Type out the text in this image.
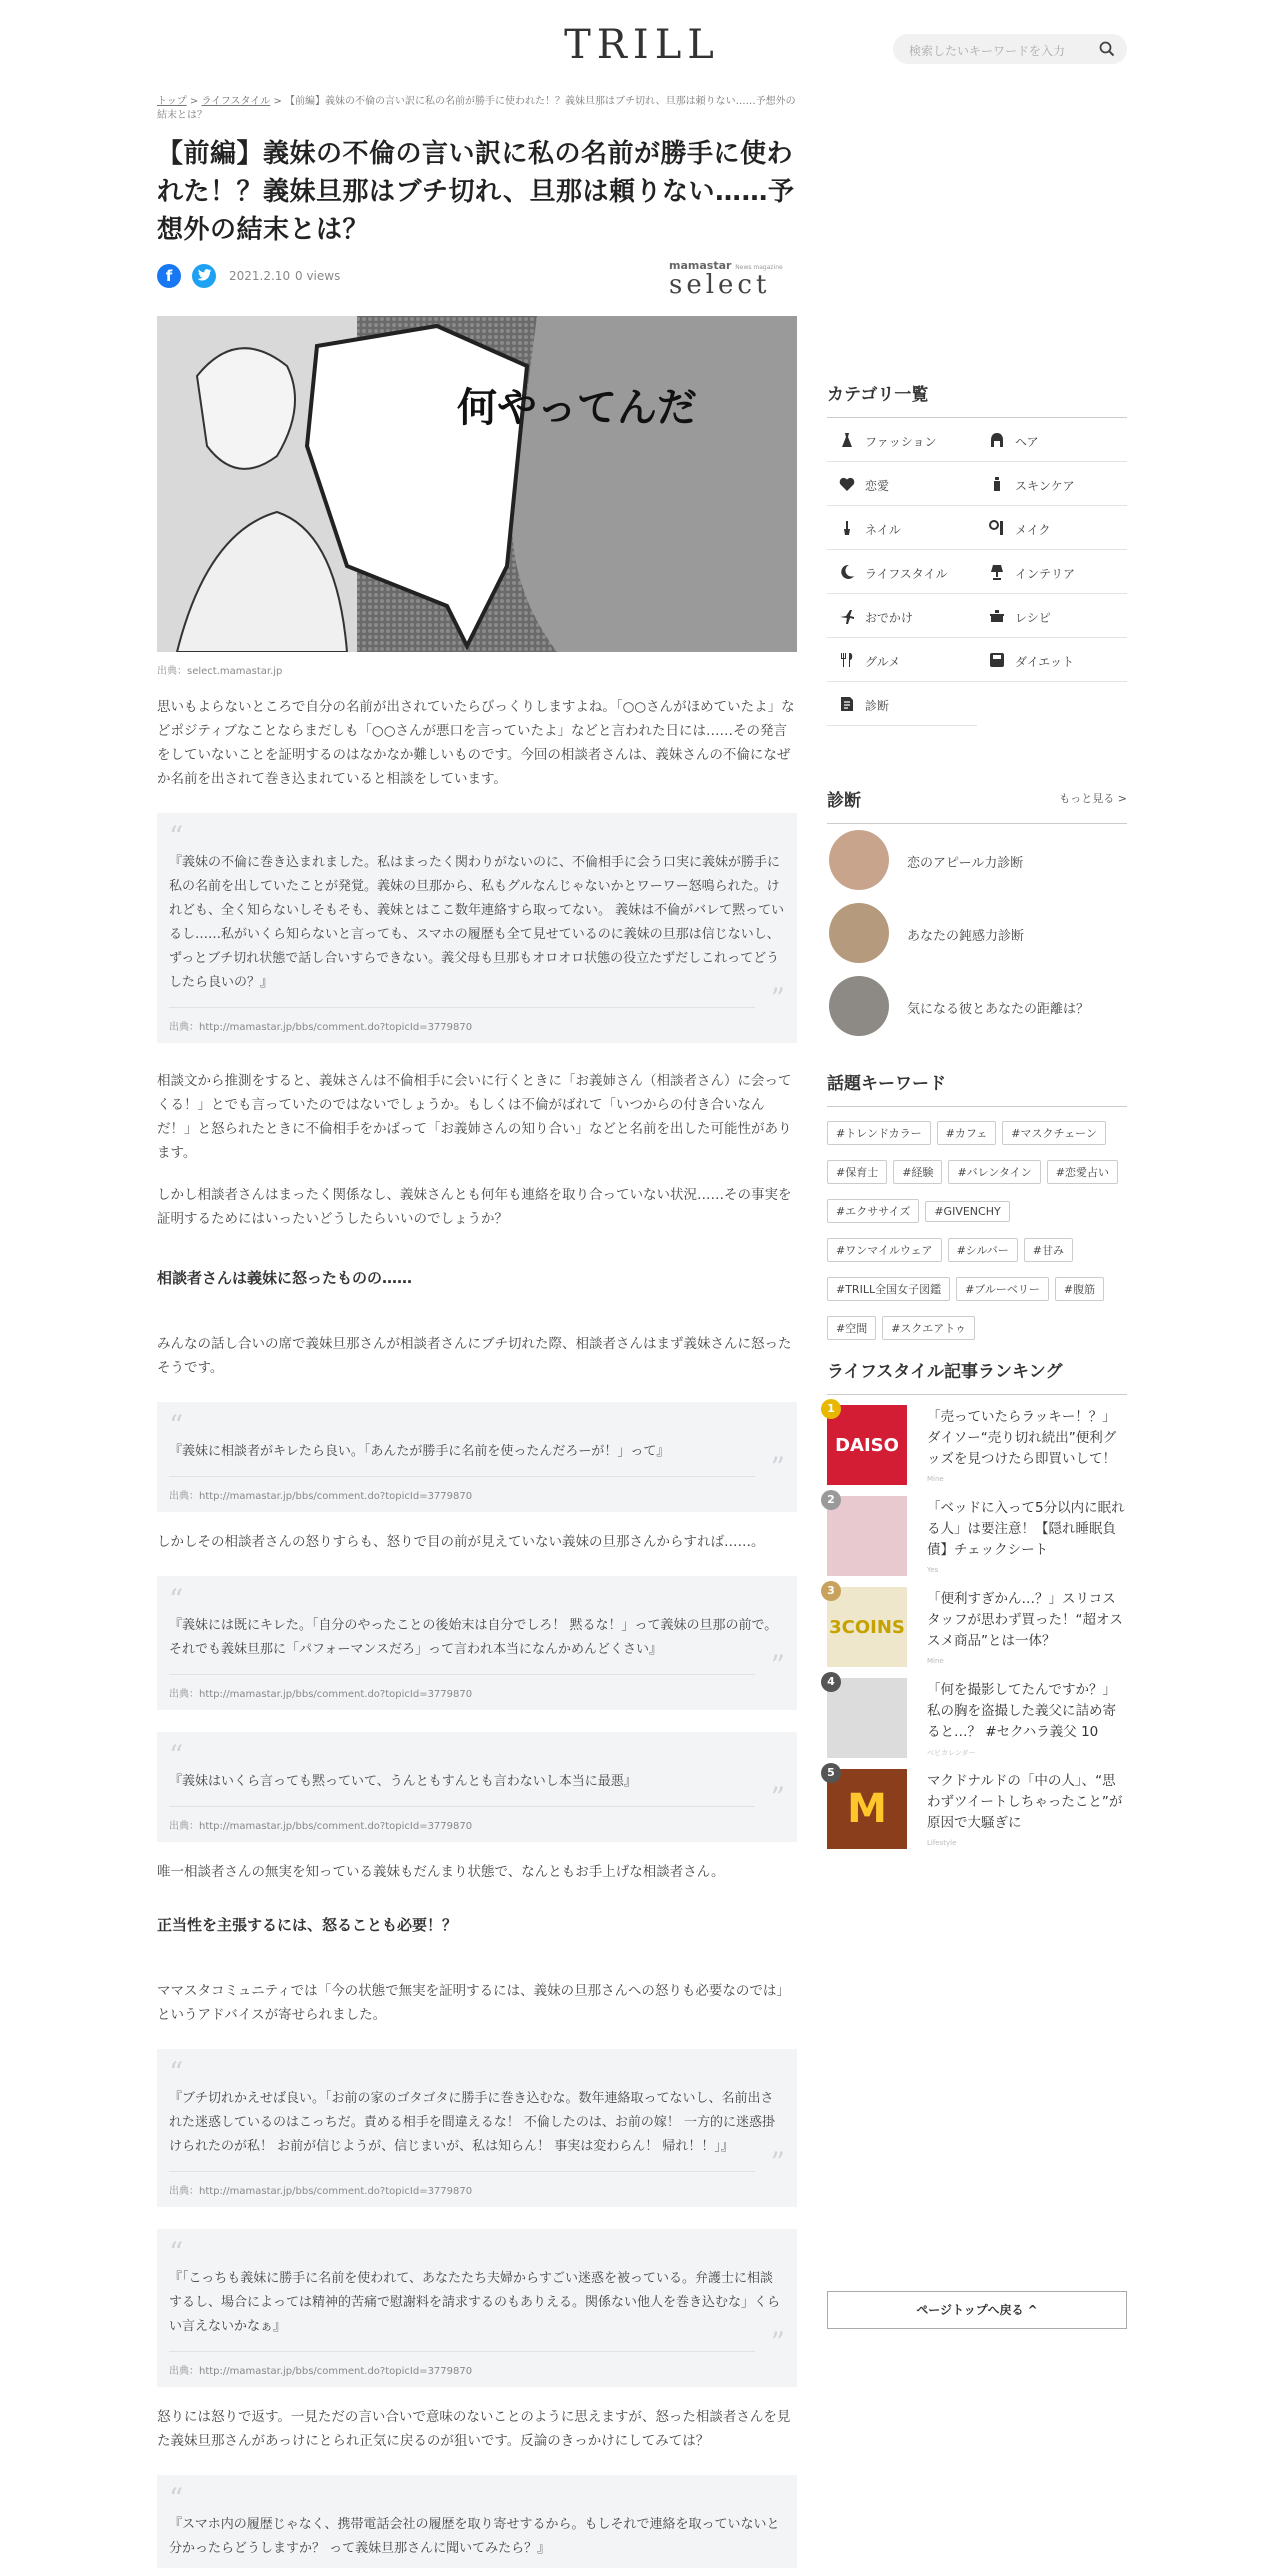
TRILL	検索したいキーワードを入力
トップ > ライフスタイル > 【前編】義妹の不倫の言い訳に私の名前が勝手に使われた！？義妹旦那はブチ切れ、旦那は頼りない……予想外の結末とは？
【前編】義妹の不倫の言い訳に私の名前が勝手に使われた！？義妹旦那はブチ切れ、旦那は頼りない……予想外の結末とは？
f	2021.2.10 0 views
mamastar News magazine
select
何やってんだ
出典：select.mamastar.jp

思いもよらないところで自分の名前が出されていたらびっくりしますよね。「○○さんがほめていたよ」などポジティブなことならまだしも「○○さんが悪口を言っていたよ」などと言われた日には……その発言をしていないことを証明するのはなかなか難しいものです。今回の相談者さんは、義妹さんの不倫になぜか名前を出されて巻き込まれていると相談をしています。

“

『義妹の不倫に巻き込まれました。私はまったく関わりがないのに、不倫相手に会う口実に義妹が勝手に私の名前を出していたことが発覚。義妹の旦那から、私もグルなんじゃないかとワーワー怒鳴られた。けれども、全く知らないしそもそも、義妹とはここ数年連絡すら取ってない。 義妹は不倫がバレて黙っているし……私がいくら知らないと言っても、スマホの履歴も全て見せているのに義妹の旦那は信じないし、ずっとブチ切れ状態で話し合いすらできない。義父母も旦那もオロオロ状態の役立たずだしこれってどうしたら良いの？』

出典：http://mamastar.jp/bbs/comment.do?topicId=3779870
”

相談文から推測をすると、義妹さんは不倫相手に会いに行くときに「お義姉さん（相談者さん）に会ってくる！」とでも言っていたのではないでしょうか。もしくは不倫がばれて「いつからの付き合いなんだ！」と怒られたときに不倫相手をかばって「お義姉さんの知り合い」などと名前を出した可能性があります。

しかし相談者さんはまったく関係なし、義妹さんとも何年も連絡を取り合っていない状況……その事実を証明するためにはいったいどうしたらいいのでしょうか？

相談者さんは義妹に怒ったものの……

みんなの話し合いの席で義妹旦那さんが相談者さんにブチ切れた際、相談者さんはまず義妹さんに怒ったそうです。

“

『義妹に相談者がキレたら良い。「あんたが勝手に名前を使ったんだろーが！」って』

出典：http://mamastar.jp/bbs/comment.do?topicId=3779870
”

しかしその相談者さんの怒りすらも、怒りで目の前が見えていない義妹の旦那さんからすれば……。

“

『義妹には既にキレた。「自分のやったことの後始末は自分でしろ！ 黙るな！」って義妹の旦那の前で。それでも義妹旦那に「パフォーマンスだろ」って言われ本当になんかめんどくさい』

出典：http://mamastar.jp/bbs/comment.do?topicId=3779870
”
“

『義妹はいくら言っても黙っていて、うんともすんとも言わないし本当に最悪』

出典：http://mamastar.jp/bbs/comment.do?topicId=3779870
”

唯一相談者さんの無実を知っている義妹もだんまり状態で、なんともお手上げな相談者さん。

正当性を主張するには、怒ることも必要！？

ママスタコミュニティでは「今の状態で無実を証明するには、義妹の旦那さんへの怒りも必要なのでは」というアドバイスが寄せられました。

“

『ブチ切れかえせば良い。「お前の家のゴタゴタに勝手に巻き込むな。数年連絡取ってないし、名前出された迷惑しているのはこっちだ。責める相手を間違えるな！ 不倫したのは、お前の嫁！ 一方的に迷惑掛けられたのが私！ お前が信じようが、信じまいが、私は知らん！ 事実は変わらん！ 帰れ！！」』

出典：http://mamastar.jp/bbs/comment.do?topicId=3779870
”
“

『「こっちも義妹に勝手に名前を使われて、あなたたち夫婦からすごい迷惑を被っている。弁護士に相談するし、場合によっては精神的苦痛で慰謝料を請求するのもありえる。関係ない他人を巻き込むな」くらい言えないかなぁ』

出典：http://mamastar.jp/bbs/comment.do?topicId=3779870
”

怒りには怒りで返す。一見ただの言い合いで意味のないことのように思えますが、怒った相談者さんを見た義妹旦那さんがあっけにとられ正気に戻るのが狙いです。反論のきっかけにしてみては？

“

『スマホ内の履歴じゃなく、携帯電話会社の履歴を取り寄せするから。もしそれで連絡を取っていないと分かったらどうしますか？ って義妹旦那さんに聞いてみたら？』

カテゴリ一覧
ファッション	ヘア
恋愛	スキンケア
ネイル	メイク
ライフスタイル	インテリア
おでかけ	レシピ
グルメ	ダイエット
診断
診断	もっと見る >
恋のアピール力診断
あなたの鈍感力診断
気になる彼とあなたの距離は？
話題キーワード
#トレンドカラー #カフェ #マスクチェーン#保育士 #経験 #バレンタイン #恋愛占い#エクササイズ #GIVENCHY#ワンマイルウェア #シルバー #甘み#TRILL全国女子図鑑 #ブルーベリー #腹筋#空間 #スクエアトゥ
ライフスタイル記事ランキング
DAISO
1
「売っていたらラッキー！？」ダイソー“売り切れ続出”便利グッズを見つけたら即買いして！
Mine
2
「ベッドに入って5分以内に眠れる人」は要注意！【隠れ睡眠負債】チェックシート
Yes
3COINS
3
「便利すぎかん…？」スリコスタッフが思わず買った！“超オススメ商品”とは一体？
Mine
4
「何を撮影してたんですか？」私の胸を盗撮した義父に詰め寄ると…？ #セクハラ義父 10
ベビカレンダー
M
5
マクドナルドの「中の人」、“思わずツイートしちゃったこと”が原因で大騒ぎに
Lifestyle
ページトップへ戻る ^
